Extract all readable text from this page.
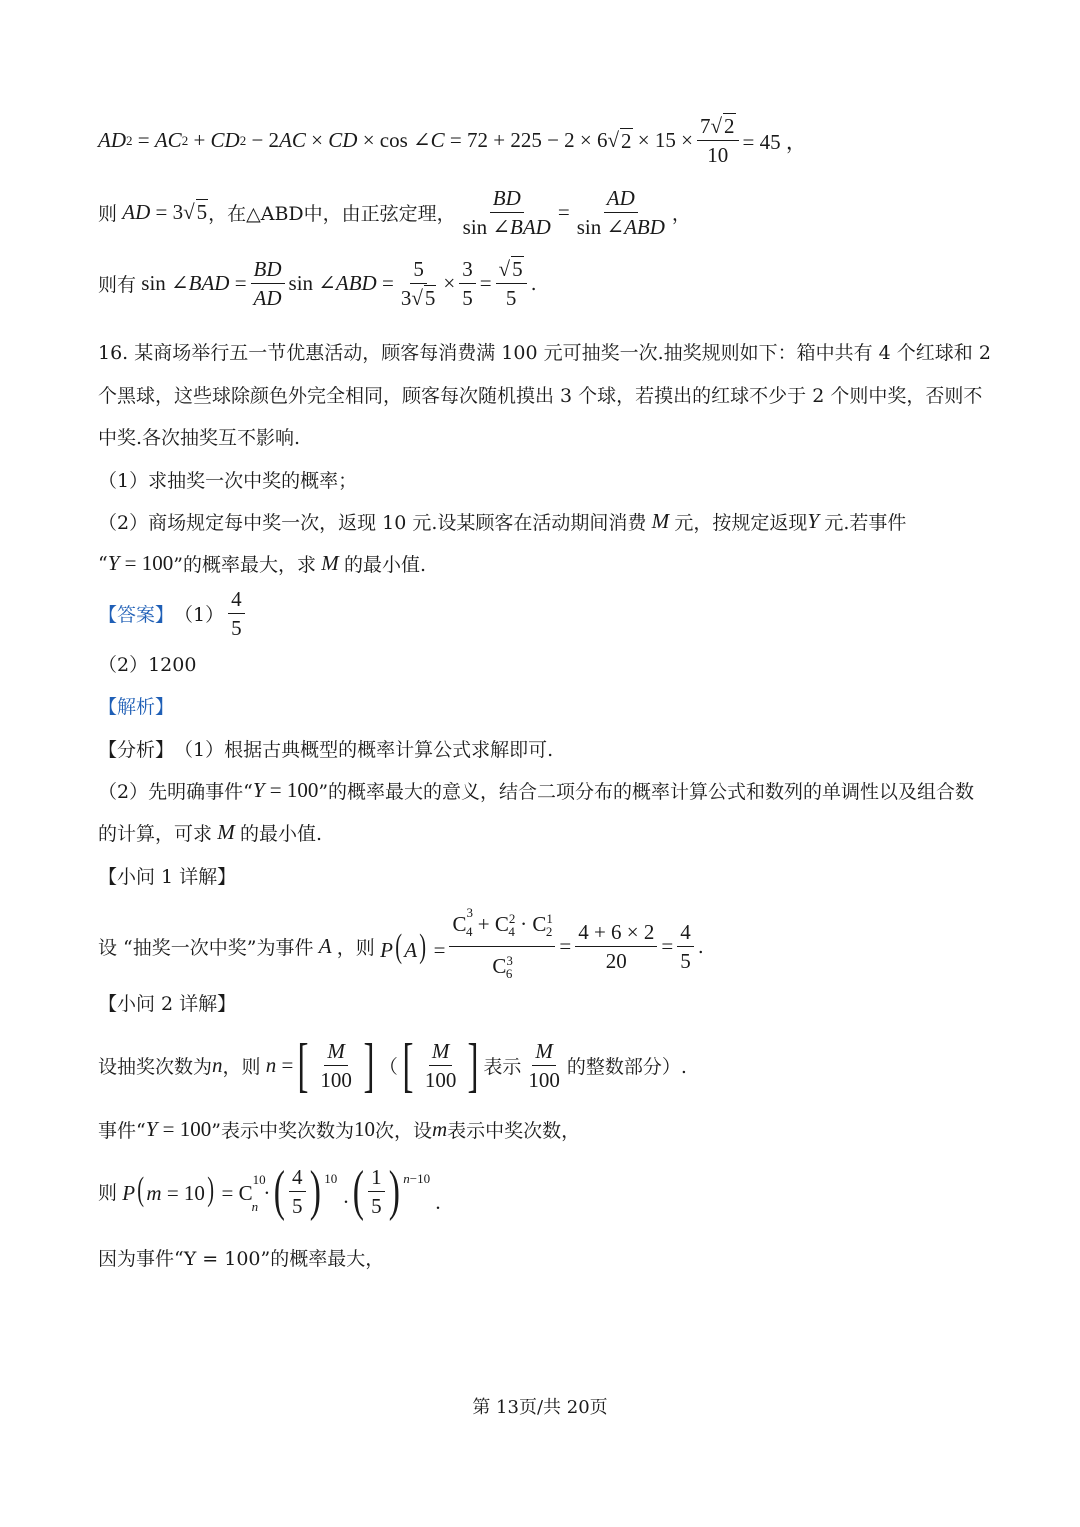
AD 2 = AC 2 + CD 2 − 2 AC × CD × cos ∠ C = 72 + 225 − 2 × 6√ 2 × 15 ×
7√2
10
= 45 ，
则 AD = 3√5 ，在△ABD中，由正弦定理，
BD
sin ∠BAD
=
AD
sin ∠ABD
，
则有 sin ∠BAD = $\frac{BD}{AD}$ sin ∠ABD = $\frac{5}{3√5} \times \frac{3}{5} = \frac{√5}{5}$ .
16. 某商场举行五一节优惠活动，顾客每消费满 100 元可抽奖一次.抽奖规则如下：箱中共有 4 个红球和 2
个黑球，这些球除颜色外完全相同，顾客每次随机摸出 3 个球，若摸出的红球不少于 2 个则中奖，否则不
中奖.各次抽奖互不影响.
（1）求抽奖一次中奖的概率；
（2）商场规定每中奖一次，返现 10 元.设某顾客在活动期间消费 M 元，按规定返现 Y 元.若事件
“ Y = 100 ”的概率最大，求 M 的最小值.
【答案】 （1）
4
5
（2）1200
【解析】
【分析】 （1）根据古典概型的概率计算公式求解即可.
（2）先明确事件“ Y = 100 ”的概率最大的意义，结合二项分布的概率计算公式和数列的单调性以及组合数
的计算，可求 M 的最小值.
【小问 1 详解】
设 “抽奖一次中奖”为事件 A ，则 P( $A) = \frac{C^3_4 + C^2_4 \cdot C^1_2}{C^3_6} = \frac{4 + 6 \times 2}{20} = \frac{4}{5}$ .
【小问 2 详解】
设抽奖次数为 n ，则 n = [ M
100 ] （ [ M
100 ] 表示
M
100
的整数部分）.
事件“ Y = 100 ”表示中奖次数为 10 次，设 m 表示中奖次数，
则 P( $m = 10) = C^{10}_n$ · ( 4
5 ) $^{10}$ · ( 1
5 ) $^{n-10}$ .
因为事件“Y = 100”的概率最大，
第 13页/共 20页
